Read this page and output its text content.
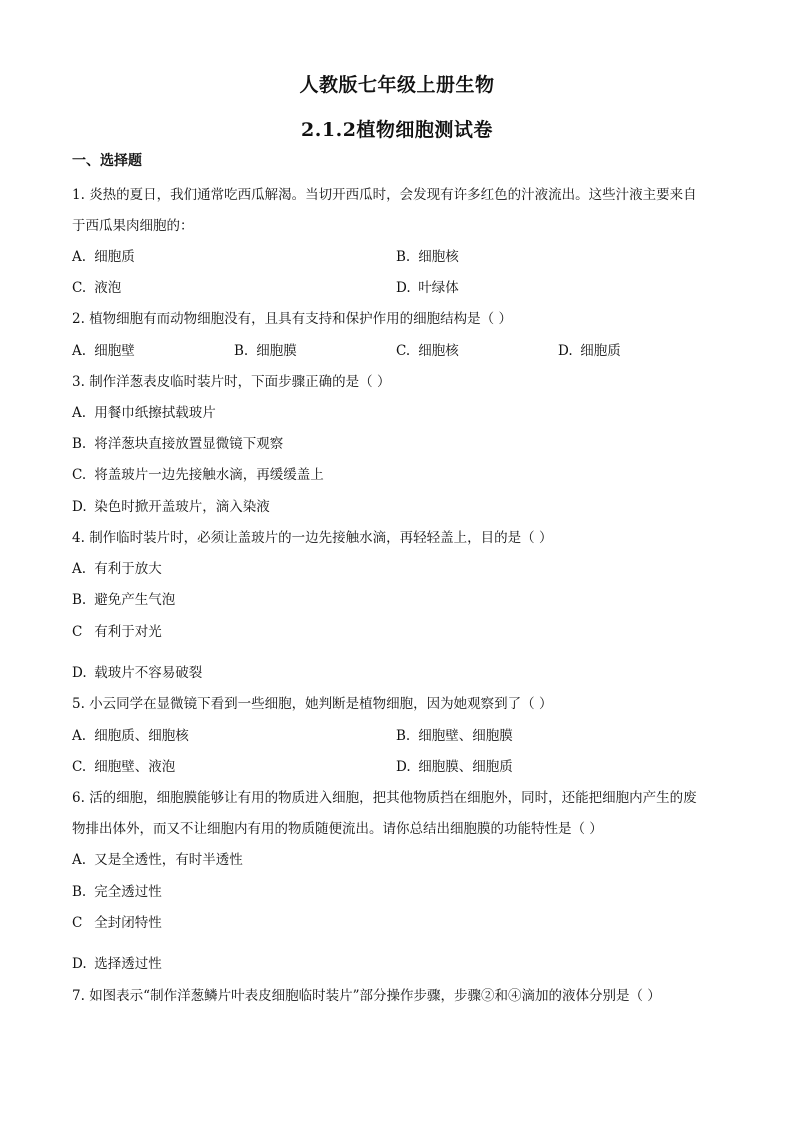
人教版七年级上册生物
2.1.2植物细胞测试卷
一、选择题
1. 炎热的夏日，我们通常吃西瓜解渴。当切开西瓜时，会发现有许多红色的汁液流出。这些汁液主要来自
于西瓜果肉细胞的：
A. 细胞质	B. 细胞核
C. 液泡	D. 叶绿体
2. 植物细胞有而动物细胞没有，且具有支持和保护作用的细胞结构是（ ）
A. 细胞壁	B. 细胞膜	C. 细胞核	D. 细胞质
3. 制作洋葱表皮临时装片时，下面步骤正确的是（ ）
A. 用餐巾纸擦拭载玻片
B. 将洋葱块直接放置显微镜下观察
C. 将盖玻片一边先接触水滴，再缓缓盖上
D. 染色时掀开盖玻片，滴入染液
4. 制作临时装片时，必须让盖玻片的一边先接触水滴，再轻轻盖上，目的是（ ）
A. 有利于放大
B. 避免产生气泡
C 有利于对光
D. 载玻片不容易破裂
5. 小云同学在显微镜下看到一些细胞，她判断是植物细胞，因为她观察到了（ ）
A. 细胞质、细胞核	B. 细胞壁、细胞膜
C. 细胞壁、液泡	D. 细胞膜、细胞质
6. 活的细胞，细胞膜能够让有用的物质进入细胞，把其他物质挡在细胞外，同时，还能把细胞内产生的废
物排出体外，而又不让细胞内有用的物质随便流出。请你总结出细胞膜的功能特性是（ ）
A. 又是全透性，有时半透性
B. 完全透过性
C 全封闭特性
D. 选择透过性
7. 如图表示“制作洋葱鳞片叶表皮细胞临时装片”部分操作步骤，步骤②和④滴加的液体分别是（ ）
